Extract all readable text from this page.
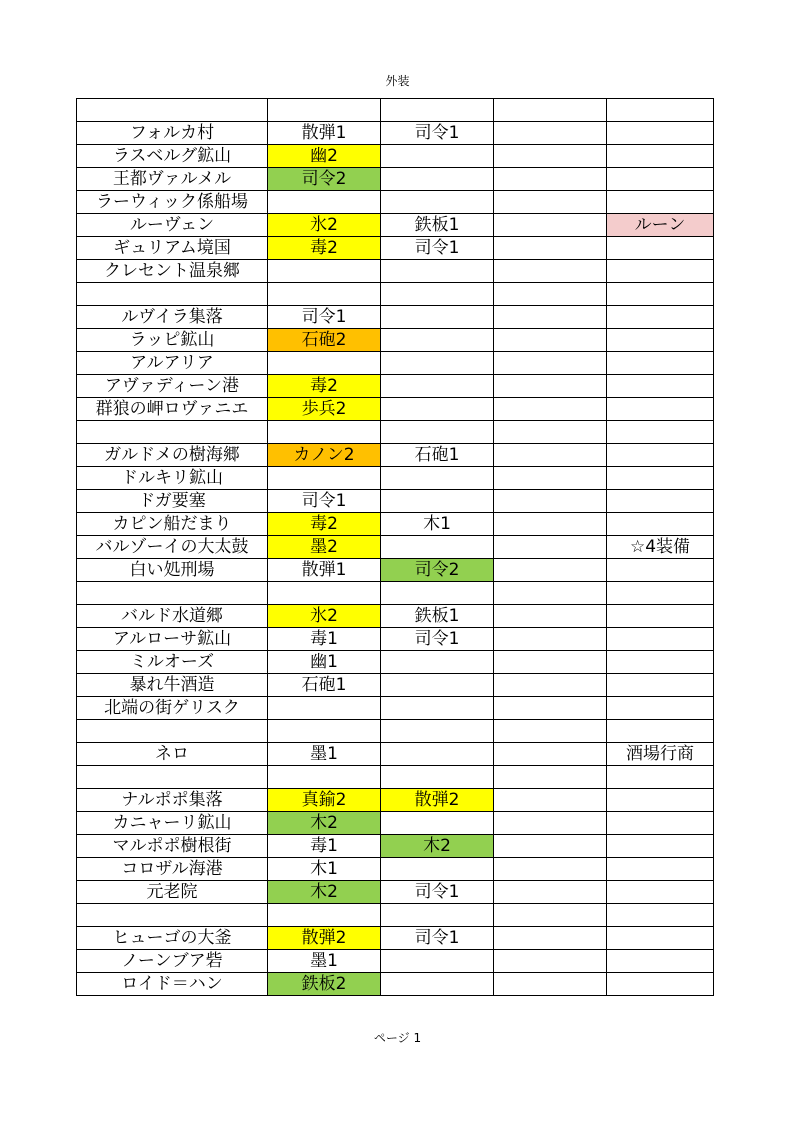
外装

フォルカ村	散弾1	司令1		
ラスベルグ鉱山	幽2			
王都ヴァルメル	司令2			
ラーウィック係船場				
ルーヴェン	氷2	鉄板1		ルーン
ギュリアム境国	毒2	司令1		
クレセント温泉郷				

ルヴイラ集落	司令1			
ラッピ鉱山	石砲2			
アルアリア				
アヴァディーン港	毒2			
群狼の岬ロヴァニエ	歩兵2			

ガルドメの樹海郷	カノン2	石砲1		
ドルキリ鉱山				
ドガ要塞	司令1			
カピン船だまり	毒2	木1		
バルゾーイの大太鼓	墨2			☆4装備
白い処刑場	散弾1	司令2		

バルド水道郷	氷2	鉄板1		
アルローサ鉱山	毒1	司令1		
ミルオーズ	幽1			
暴れ牛酒造	石砲1			
北端の街ゲリスク				

ネロ	墨1			酒場行商

ナルポポ集落	真鍮2	散弾2		
カニャーリ鉱山	木2			
マルポポ樹根街	毒1	木2		
コロザル海港	木1			
元老院	木2	司令1		

ヒューゴの大釜	散弾2	司令1		
ノーンブア砦	墨1			
ロイド＝ハン	鉄板2			
ページ 1
